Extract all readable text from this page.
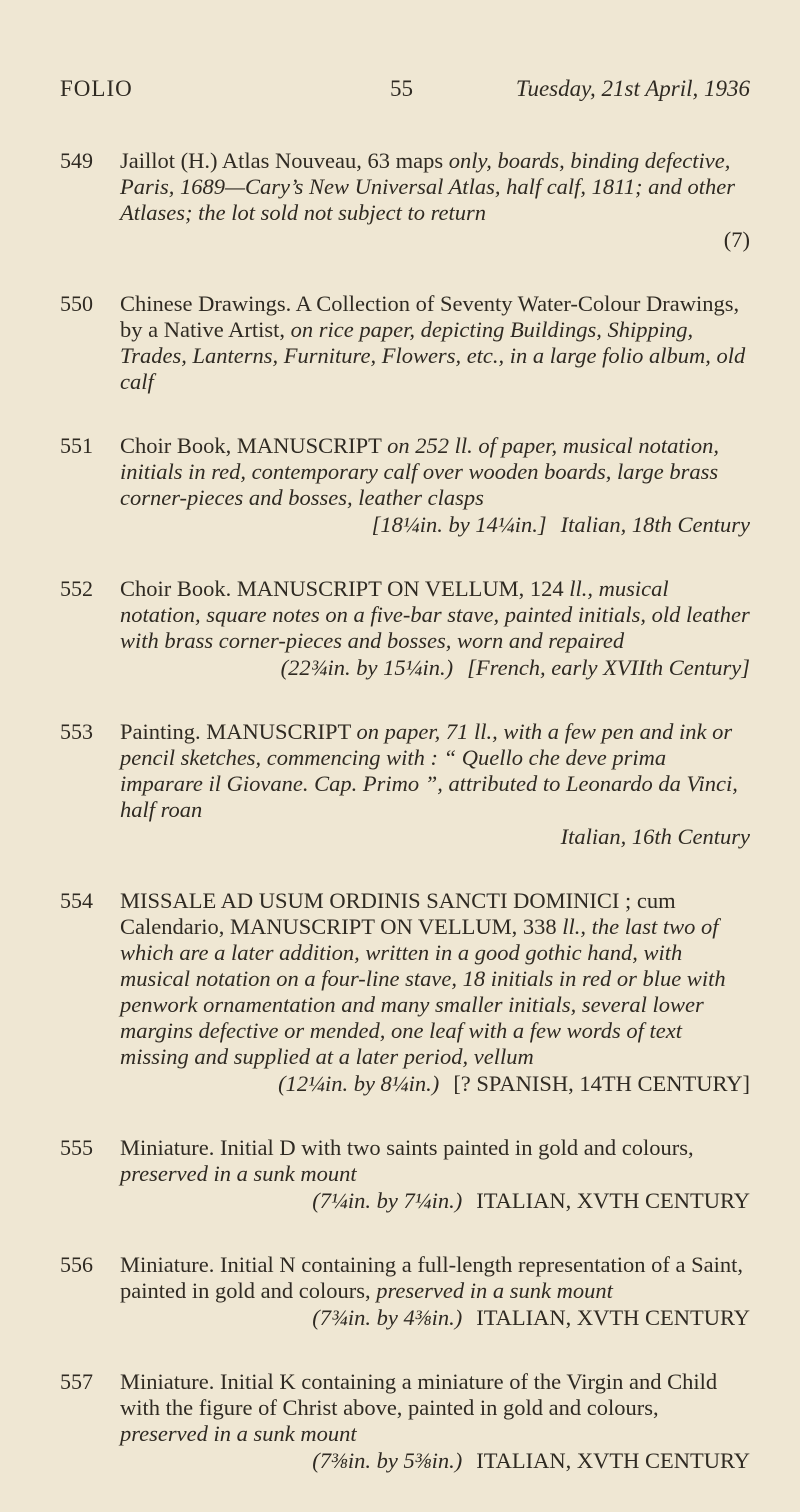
FOLIO	55	Tuesday, 21st April, 1936
549 Jaillot (H.) Atlas Nouveau, 63 maps only, boards, binding defective, Paris, 1689—Cary’s New Universal Atlas, half calf, 1811; and other Atlases; the lot sold not subject to return
(7)
550 Chinese Drawings. A Collection of Seventy Water-Colour Drawings, by a Native Artist, on rice paper, depicting Buildings, Shipping, Trades, Lanterns, Furniture, Flowers, etc., in a large folio album, old calf
551 Choir Book, MANUSCRIPT on 252 ll. of paper, musical notation, initials in red, contemporary calf over wooden boards, large brass corner-pieces and bosses, leather clasps
[18¼in. by 14¼in.] Italian, 18th Century
552 Choir Book. MANUSCRIPT ON VELLUM, 124 ll., musical notation, square notes on a five-bar stave, painted initials, old leather with brass corner-pieces and bosses, worn and repaired
(22¾in. by 15¼in.) [French, early XVIIth Century]
553 Painting. MANUSCRIPT on paper, 71 ll., with a few pen and ink or pencil sketches, commencing with : “ Quello che deve prima imparare il Giovane. Cap. Primo ”, attributed to Leonardo da Vinci, half roan
Italian, 16th Century
554 MISSALE AD USUM ORDINIS SANCTI DOMINICI ; cum Calendario, MANUSCRIPT ON VELLUM, 338 ll., the last two of which are a later addition, written in a good gothic hand, with musical notation on a four-line stave, 18 initials in red or blue with penwork ornamentation and many smaller initials, several lower margins defective or mended, one leaf with a few words of text missing and supplied at a later period, vellum
(12¼in. by 8¼in.) [? SPANISH, 14TH CENTURY]
555 Miniature. Initial D with two saints painted in gold and colours, preserved in a sunk mount
(7¼in. by 7¼in.) ITALIAN, XVTH CENTURY
556 Miniature. Initial N containing a full-length representation of a Saint, painted in gold and colours, preserved in a sunk mount
(7¾in. by 4⅜in.) ITALIAN, XVTH CENTURY
557 Miniature. Initial K containing a miniature of the Virgin and Child with the figure of Christ above, painted in gold and colours, preserved in a sunk mount
(7⅜in. by 5⅜in.) ITALIAN, XVTH CENTURY
